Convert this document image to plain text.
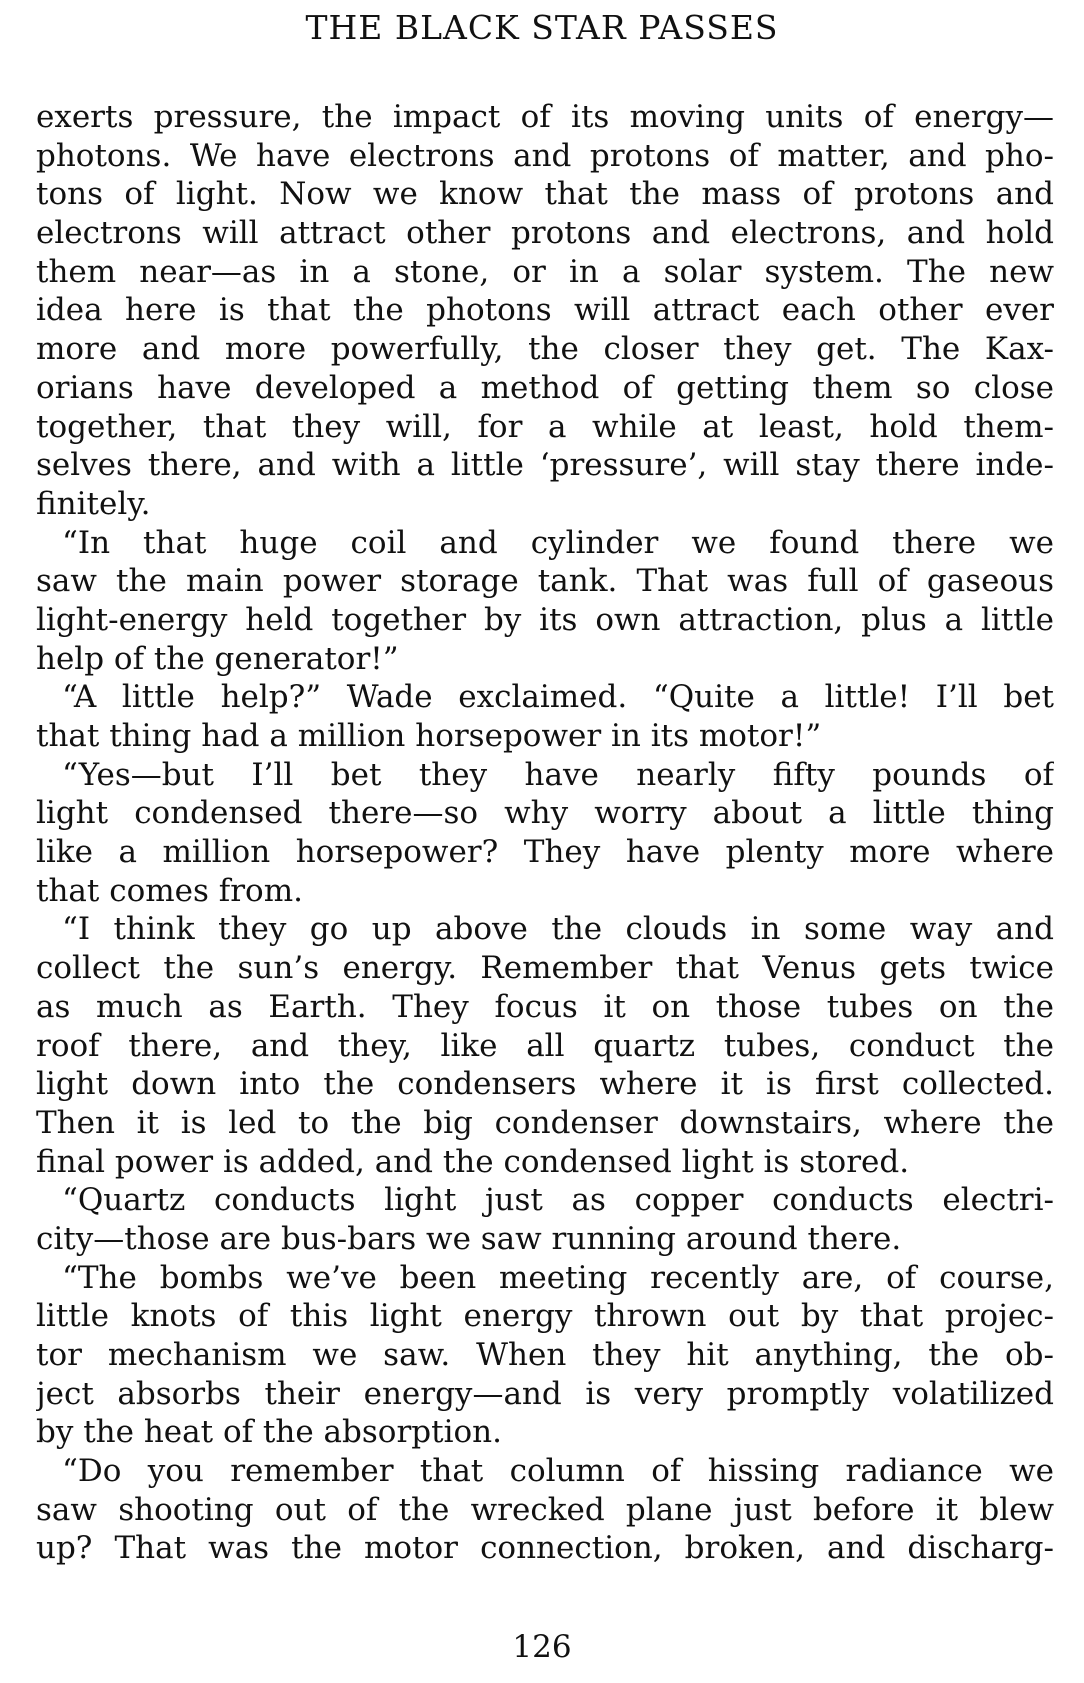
THE BLACK STAR PASSES
exerts pressure, the impact of its moving units of energy—
photons. We have electrons and protons of matter, and pho-
tons of light. Now we know that the mass of protons and
electrons will attract other protons and electrons, and hold
them near—as in a stone, or in a solar system. The new
idea here is that the photons will attract each other ever
more and more powerfully, the closer they get. The Kax-
orians have developed a method of getting them so close
together, that they will, for a while at least, hold them-
selves there, and with a little ‘pressure’, will stay there inde-
finitely.
“In that huge coil and cylinder we found there we
saw the main power storage tank. That was full of gaseous
light-energy held together by its own attraction, plus a little
help of the generator!”
“A little help?” Wade exclaimed. “Quite a little! I’ll bet
that thing had a million horsepower in its motor!”
“Yes—but I’ll bet they have nearly fifty pounds of
light condensed there—so why worry about a little thing
like a million horsepower? They have plenty more where
that comes from.
“I think they go up above the clouds in some way and
collect the sun’s energy. Remember that Venus gets twice
as much as Earth. They focus it on those tubes on the
roof there, and they, like all quartz tubes, conduct the
light down into the condensers where it is first collected.
Then it is led to the big condenser downstairs, where the
final power is added, and the condensed light is stored.
“Quartz conducts light just as copper conducts electri-
city—those are bus-bars we saw running around there.
“The bombs we’ve been meeting recently are, of course,
little knots of this light energy thrown out by that projec-
tor mechanism we saw. When they hit anything, the ob-
ject absorbs their energy—and is very promptly volatilized
by the heat of the absorption.
“Do you remember that column of hissing radiance we
saw shooting out of the wrecked plane just before it blew
up? That was the motor connection, broken, and discharg-
126
